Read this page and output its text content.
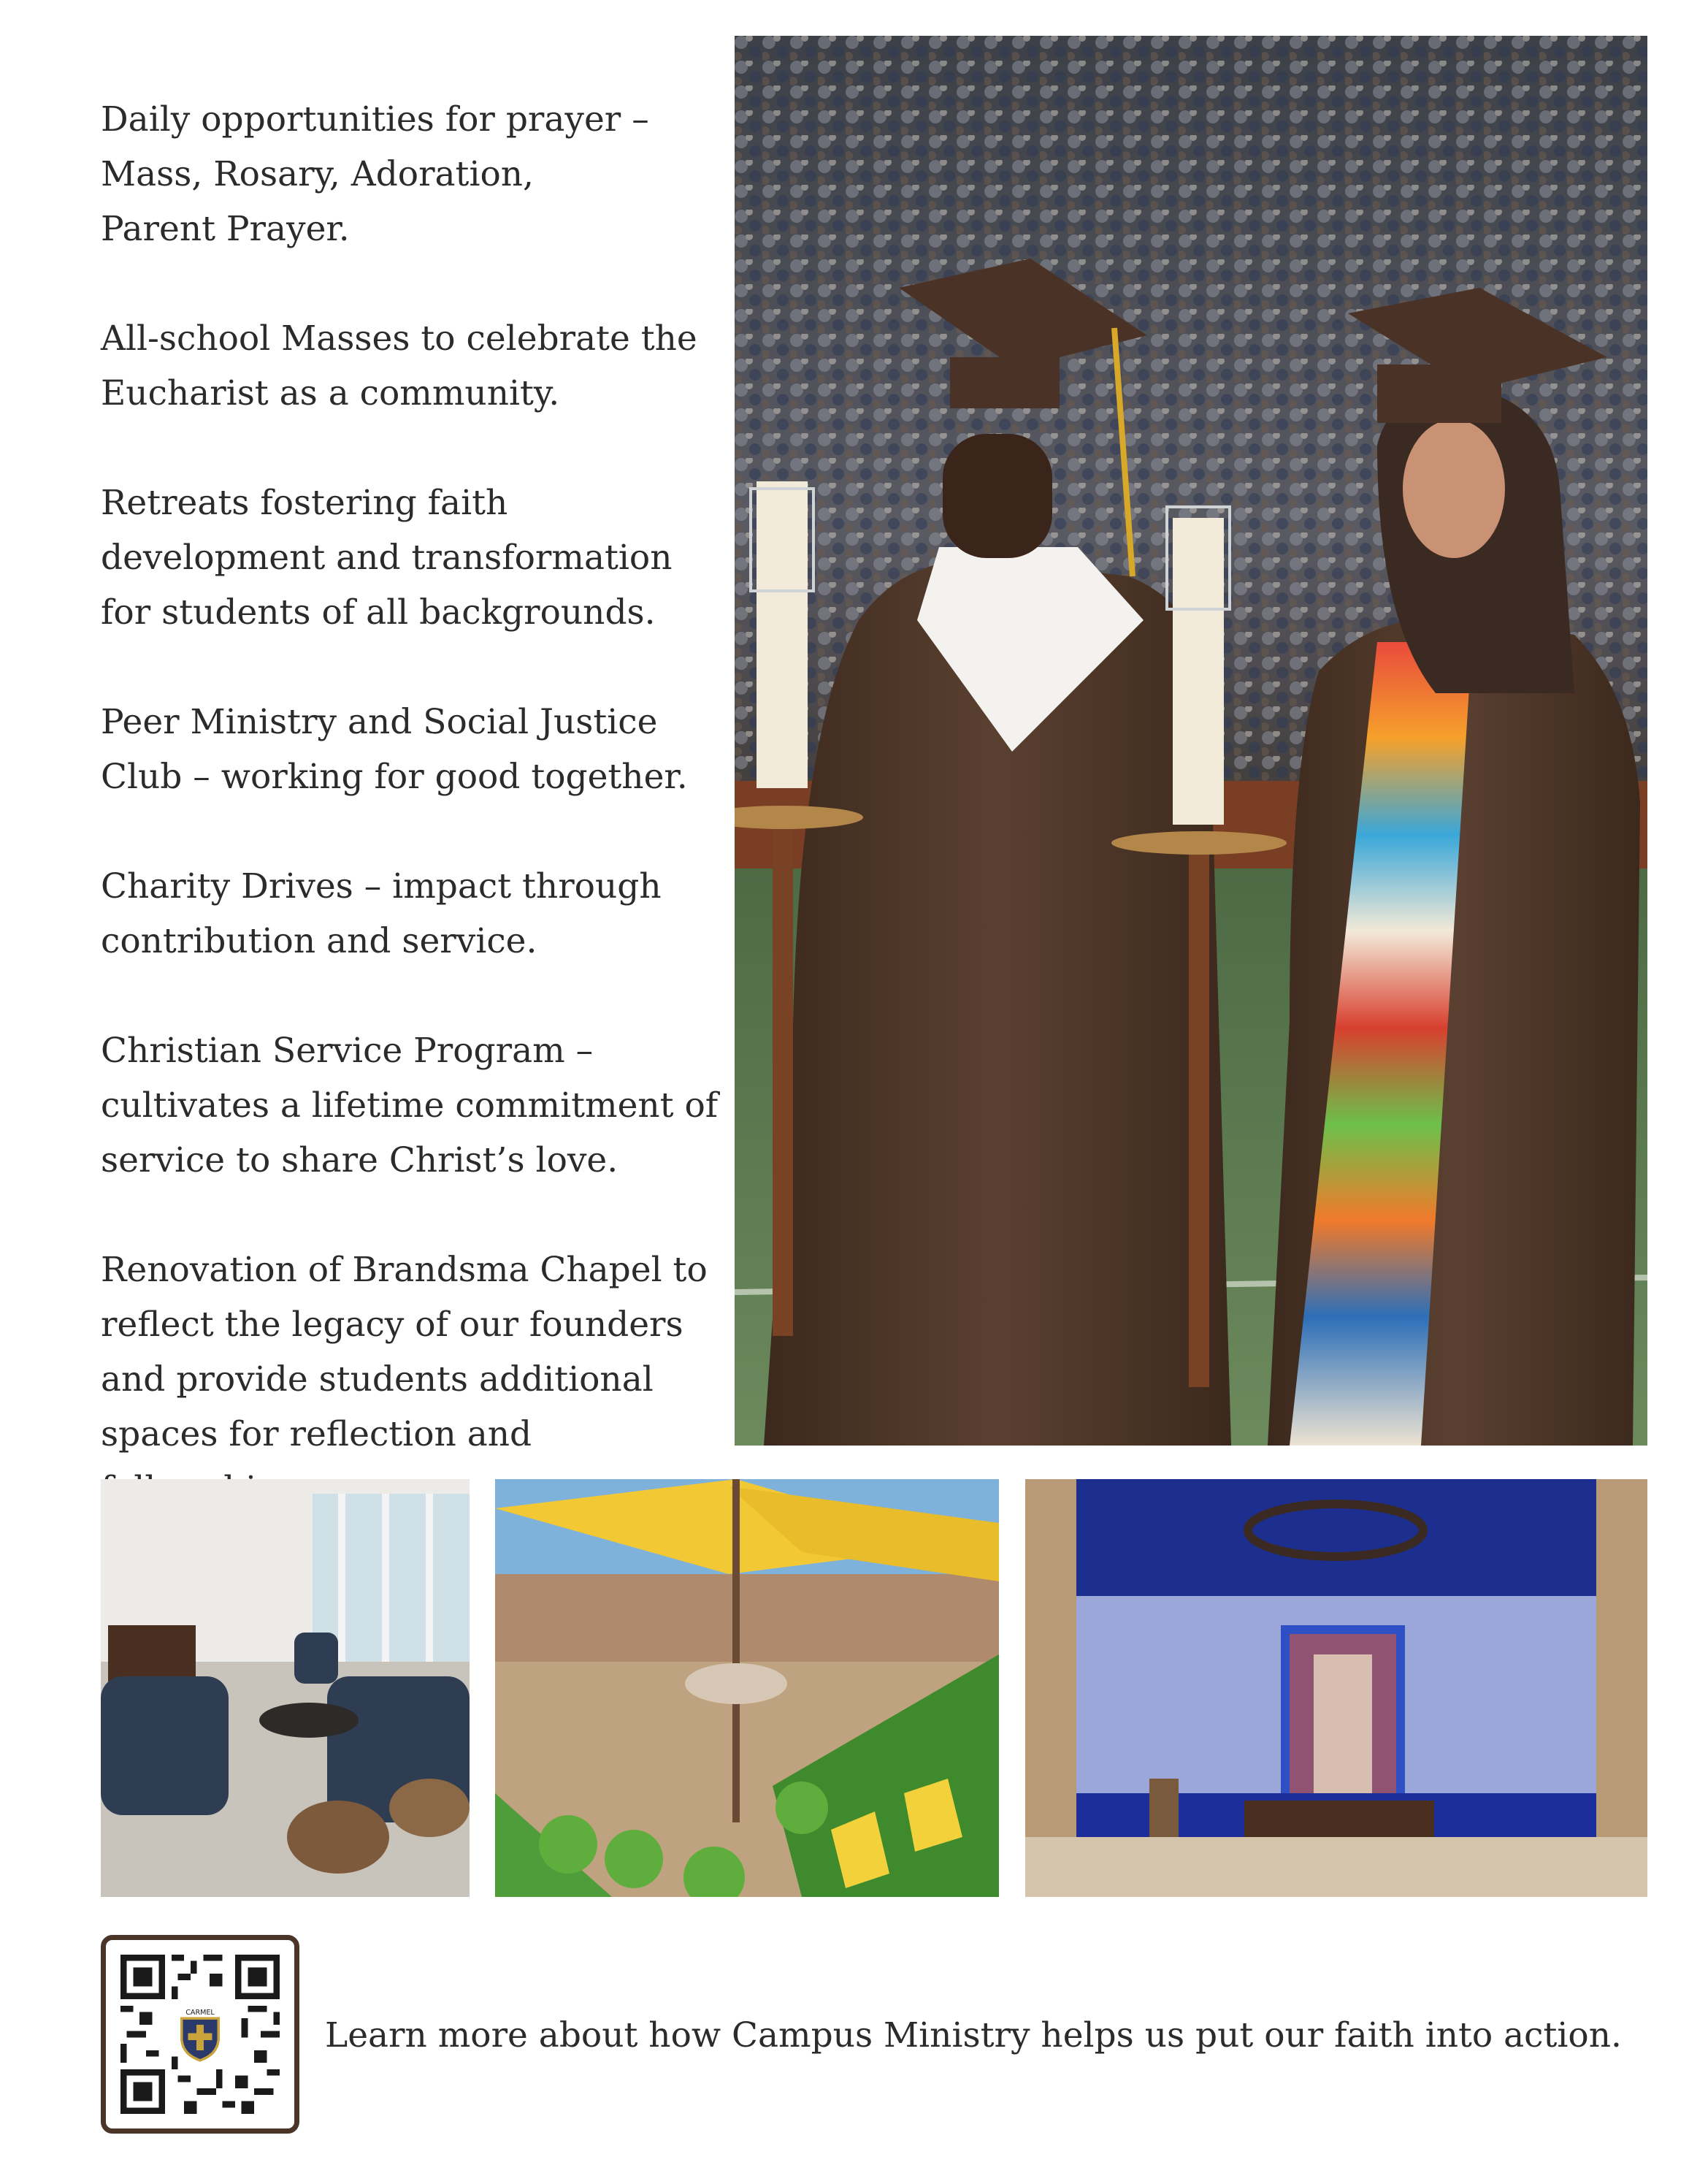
Daily opportunities for prayer –
Mass, Rosary, Adoration,
Parent Prayer.

All-school Masses to celebrate the
Eucharist as a community.

Retreats fostering faith
development and transformation
for students of all backgrounds.

Peer Ministry and Social Justice
Club – working for good together.

Charity Drives – impact through
contribution and service.

Christian Service Program –
cultivates a lifetime commitment of
service to share Christ’s love.

Renovation of Brandsma Chapel to
reflect the legacy of our founders
and provide students additional
spaces for reflection and

CARMEL
Learn more about how Campus Ministry helps us put our faith into action.
